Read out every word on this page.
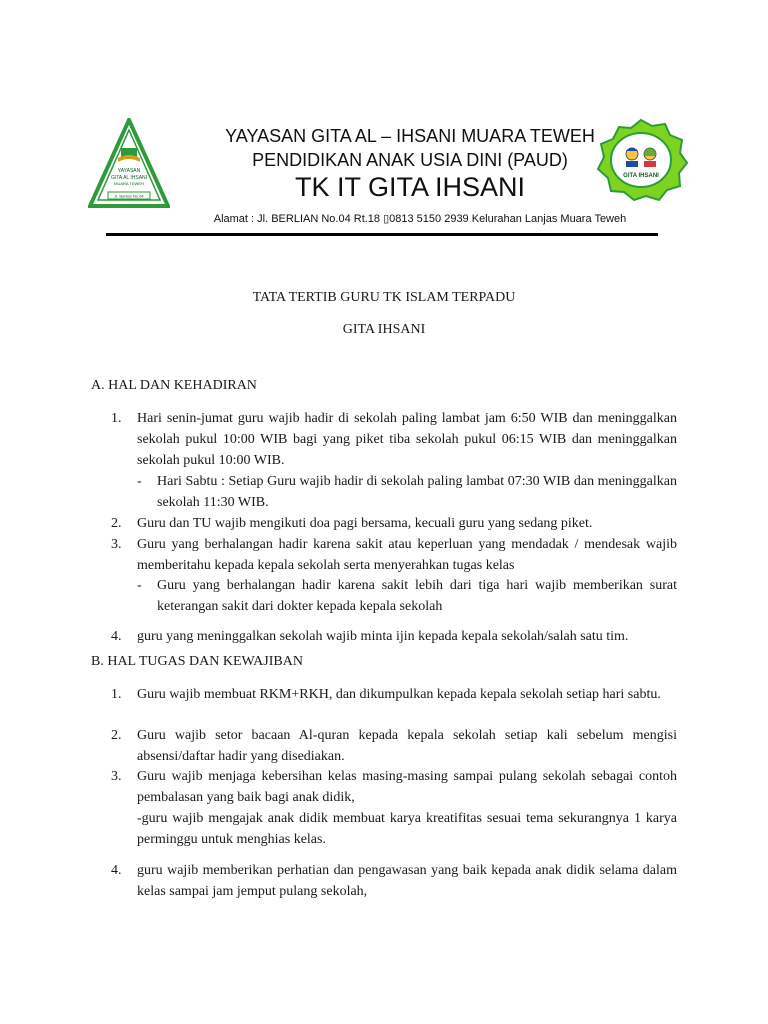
YAYASAN
GITA AL IHSANI
MUARA TEWEH
Jl. Berlian No.04
GITA IHSANI
YAYASAN GITA AL – IHSANI MUARA TEWEH
PENDIDIKAN ANAK USIA DINI (PAUD)
TK IT GITA IHSANI
Alamat : Jl. BERLIAN No.04 Rt.18 ▯0813 5150 2939 Kelurahan Lanjas Muara Teweh
TATA TERTIB GURU TK ISLAM TERPADU
GITA IHSANI
A. HAL DAN KEHADIRAN
1. Hari senin-jumat guru wajib hadir di sekolah paling lambat jam 6:50 WIB dan meninggalkan sekolah pukul 10:00 WIB bagi yang piket tiba sekolah pukul 06:15 WIB dan meninggalkan sekolah pukul 10:00 WIB.
- Hari Sabtu : Setiap Guru wajib hadir di sekolah paling lambat 07:30 WIB dan meninggalkan sekolah 11:30 WIB.
2. Guru dan TU wajib mengikuti doa pagi bersama, kecuali guru yang sedang piket.
3. Guru yang berhalangan hadir karena sakit atau keperluan yang mendadak / mendesak wajib memberitahu kepada kepala sekolah serta menyerahkan tugas kelas
- Guru yang berhalangan hadir karena sakit lebih dari tiga hari wajib memberikan surat keterangan sakit dari dokter kepada kepala sekolah
4. guru yang meninggalkan sekolah wajib minta ijin kepada kepala sekolah/salah satu tim.
B. HAL TUGAS DAN KEWAJIBAN
1. Guru wajib membuat RKM+RKH, dan dikumpulkan kepada kepala sekolah setiap hari sabtu.
2. Guru wajib setor bacaan Al-quran kepada kepala sekolah setiap kali sebelum mengisi absensi/daftar hadir yang disediakan.
3. Guru wajib menjaga kebersihan kelas masing-masing sampai pulang sekolah sebagai contoh pembalasan yang baik bagi anak didik,
-guru wajib mengajak anak didik membuat karya kreatifitas sesuai tema sekurangnya 1 karya perminggu untuk menghias kelas.
4. guru wajib memberikan perhatian dan pengawasan yang baik kepada anak didik selama dalam kelas sampai jam jemput pulang sekolah,
